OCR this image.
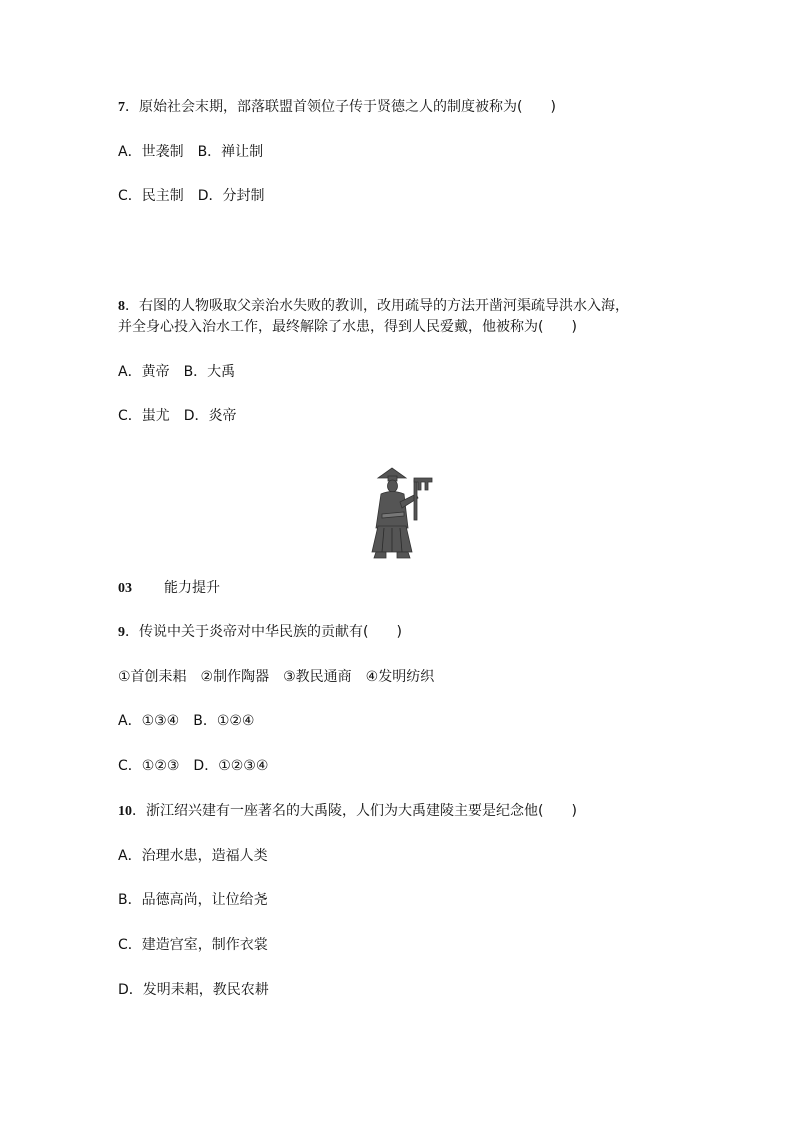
7．原始社会末期，部落联盟首领位子传于贤德之人的制度被称为(　　)
A．世袭制　B．禅让制
C．民主制　D．分封制
8．右图的人物吸取父亲治水失败的教训，改用疏导的方法开凿河渠疏导洪水入海，
并全身心投入治水工作，最终解除了水患，得到人民爱戴，他被称为(　　)
A．黄帝　B．大禹
C．蚩尤　D．炎帝
03 能力提升
9．传说中关于炎帝对中华民族的贡献有(　　)
①首创耒耜　②制作陶器　③教民通商　④发明纺织
A．①③④　B．①②④
C．①②③　D．①②③④
10．浙江绍兴建有一座著名的大禹陵，人们为大禹建陵主要是纪念他(　　)
A．治理水患，造福人类
B．品德高尚，让位给尧
C．建造宫室，制作衣裳
D．发明耒耜，教民农耕
